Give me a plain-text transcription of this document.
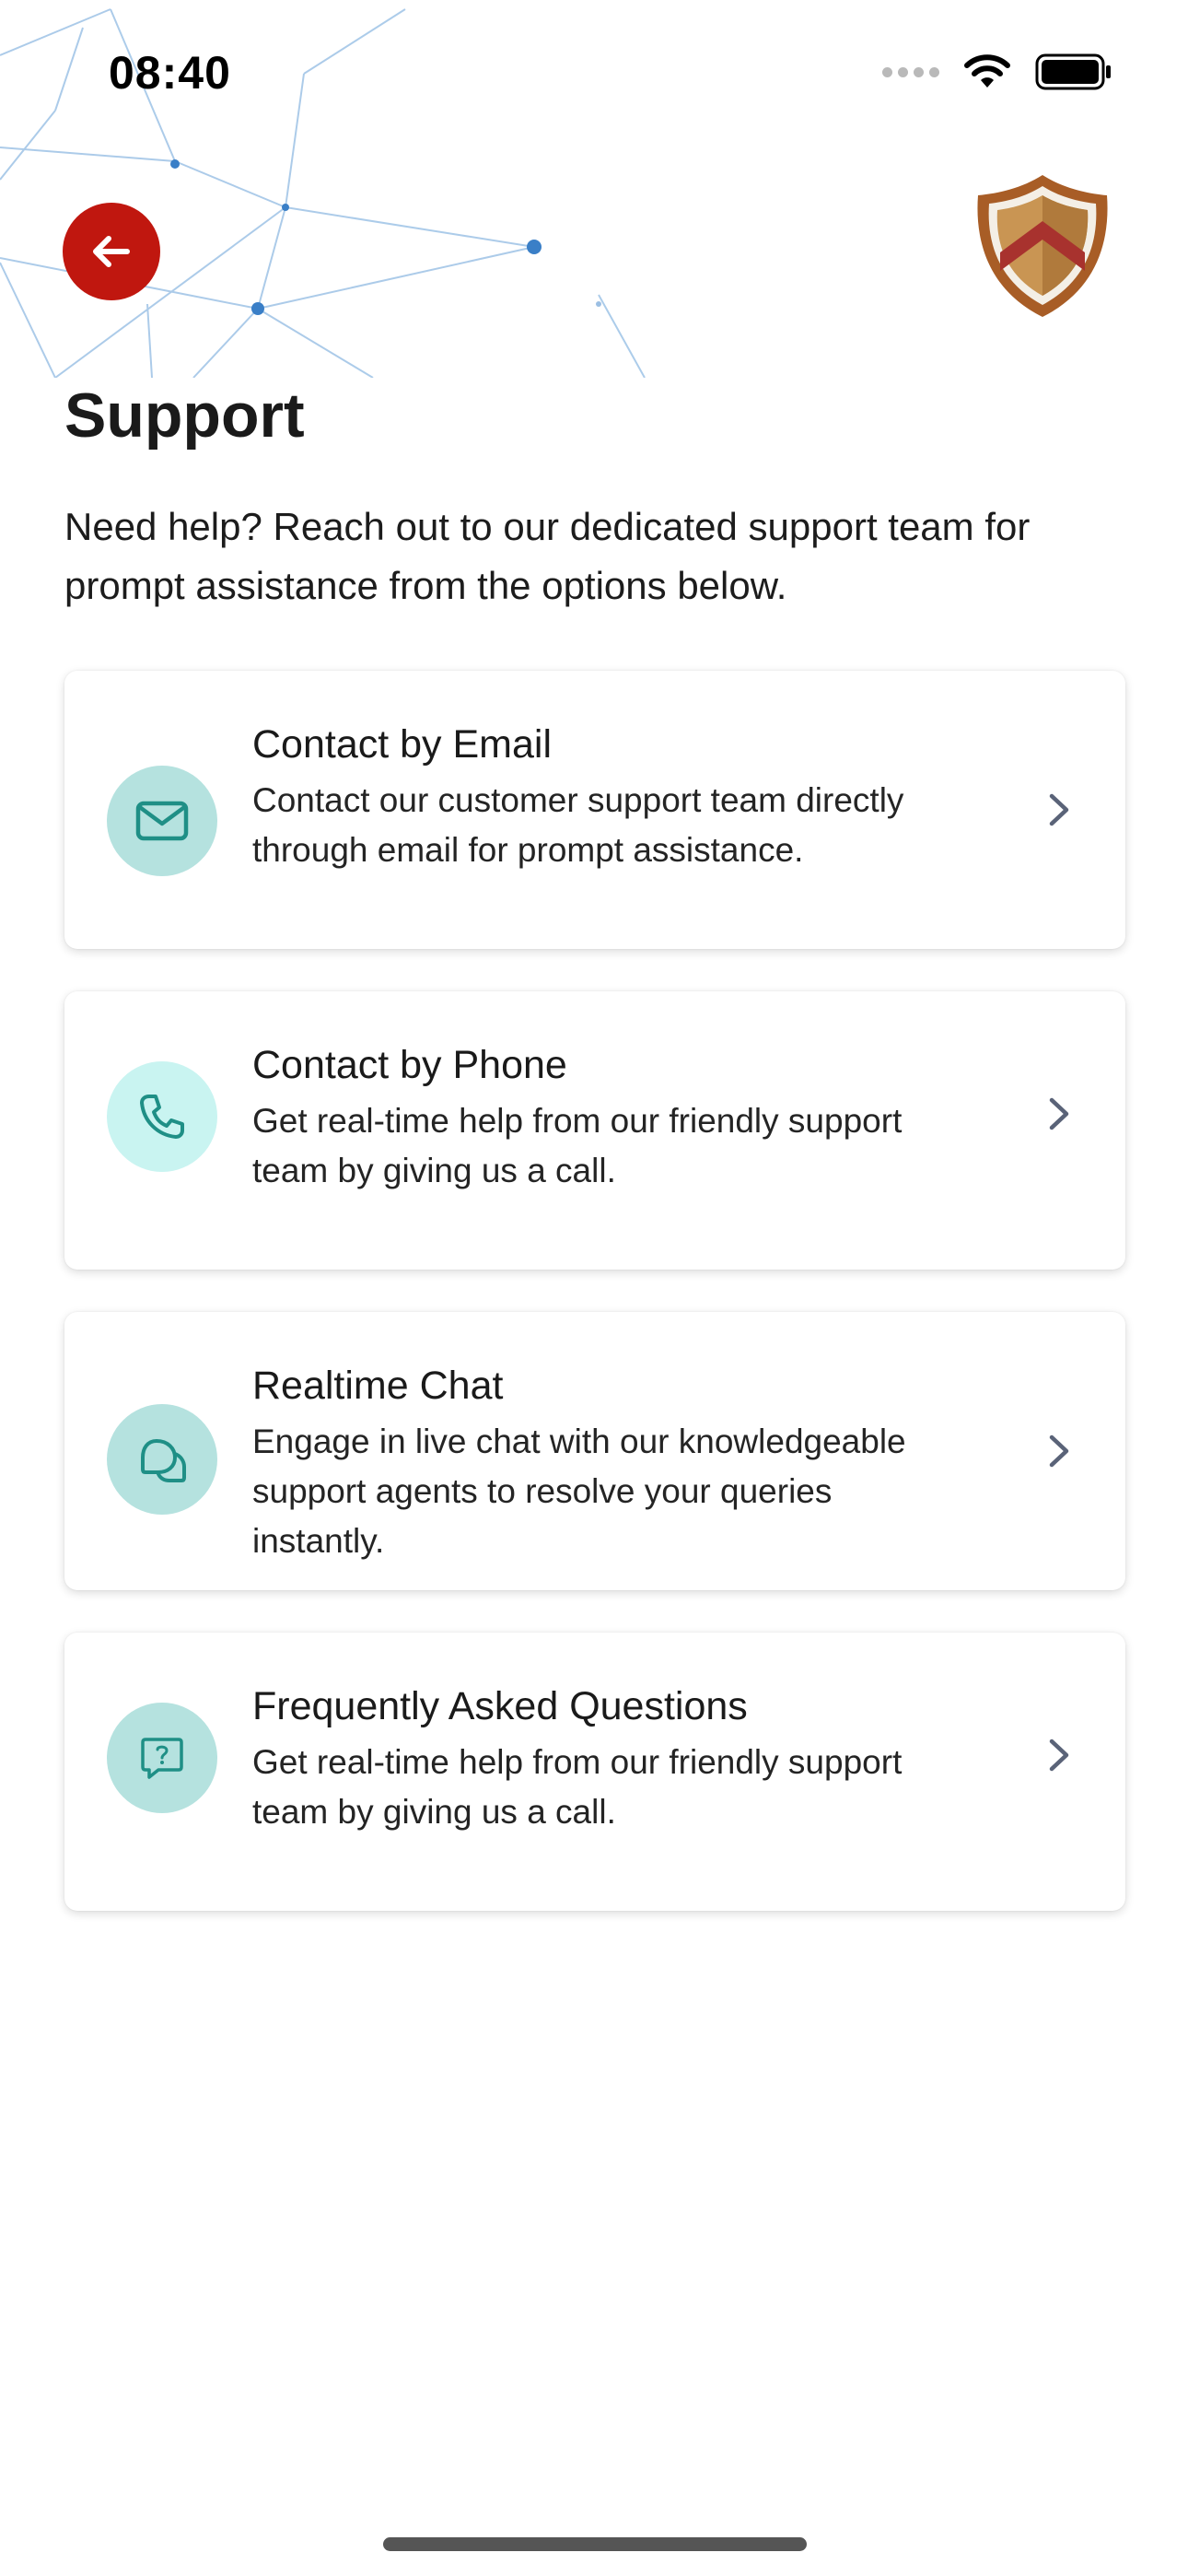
08:40
Support

Need help? Reach out to our dedicated support team for prompt assistance from the options below.

Contact by Email
Contact our customer support team directly through email for prompt assistance.
Contact by Phone
Get real-time help from our friendly support team by giving us a call.
Realtime Chat
Engage in live chat with our knowledgeable support agents to resolve your queries instantly.
Frequently Asked Questions
Get real-time help from our friendly support team by giving us a call.
